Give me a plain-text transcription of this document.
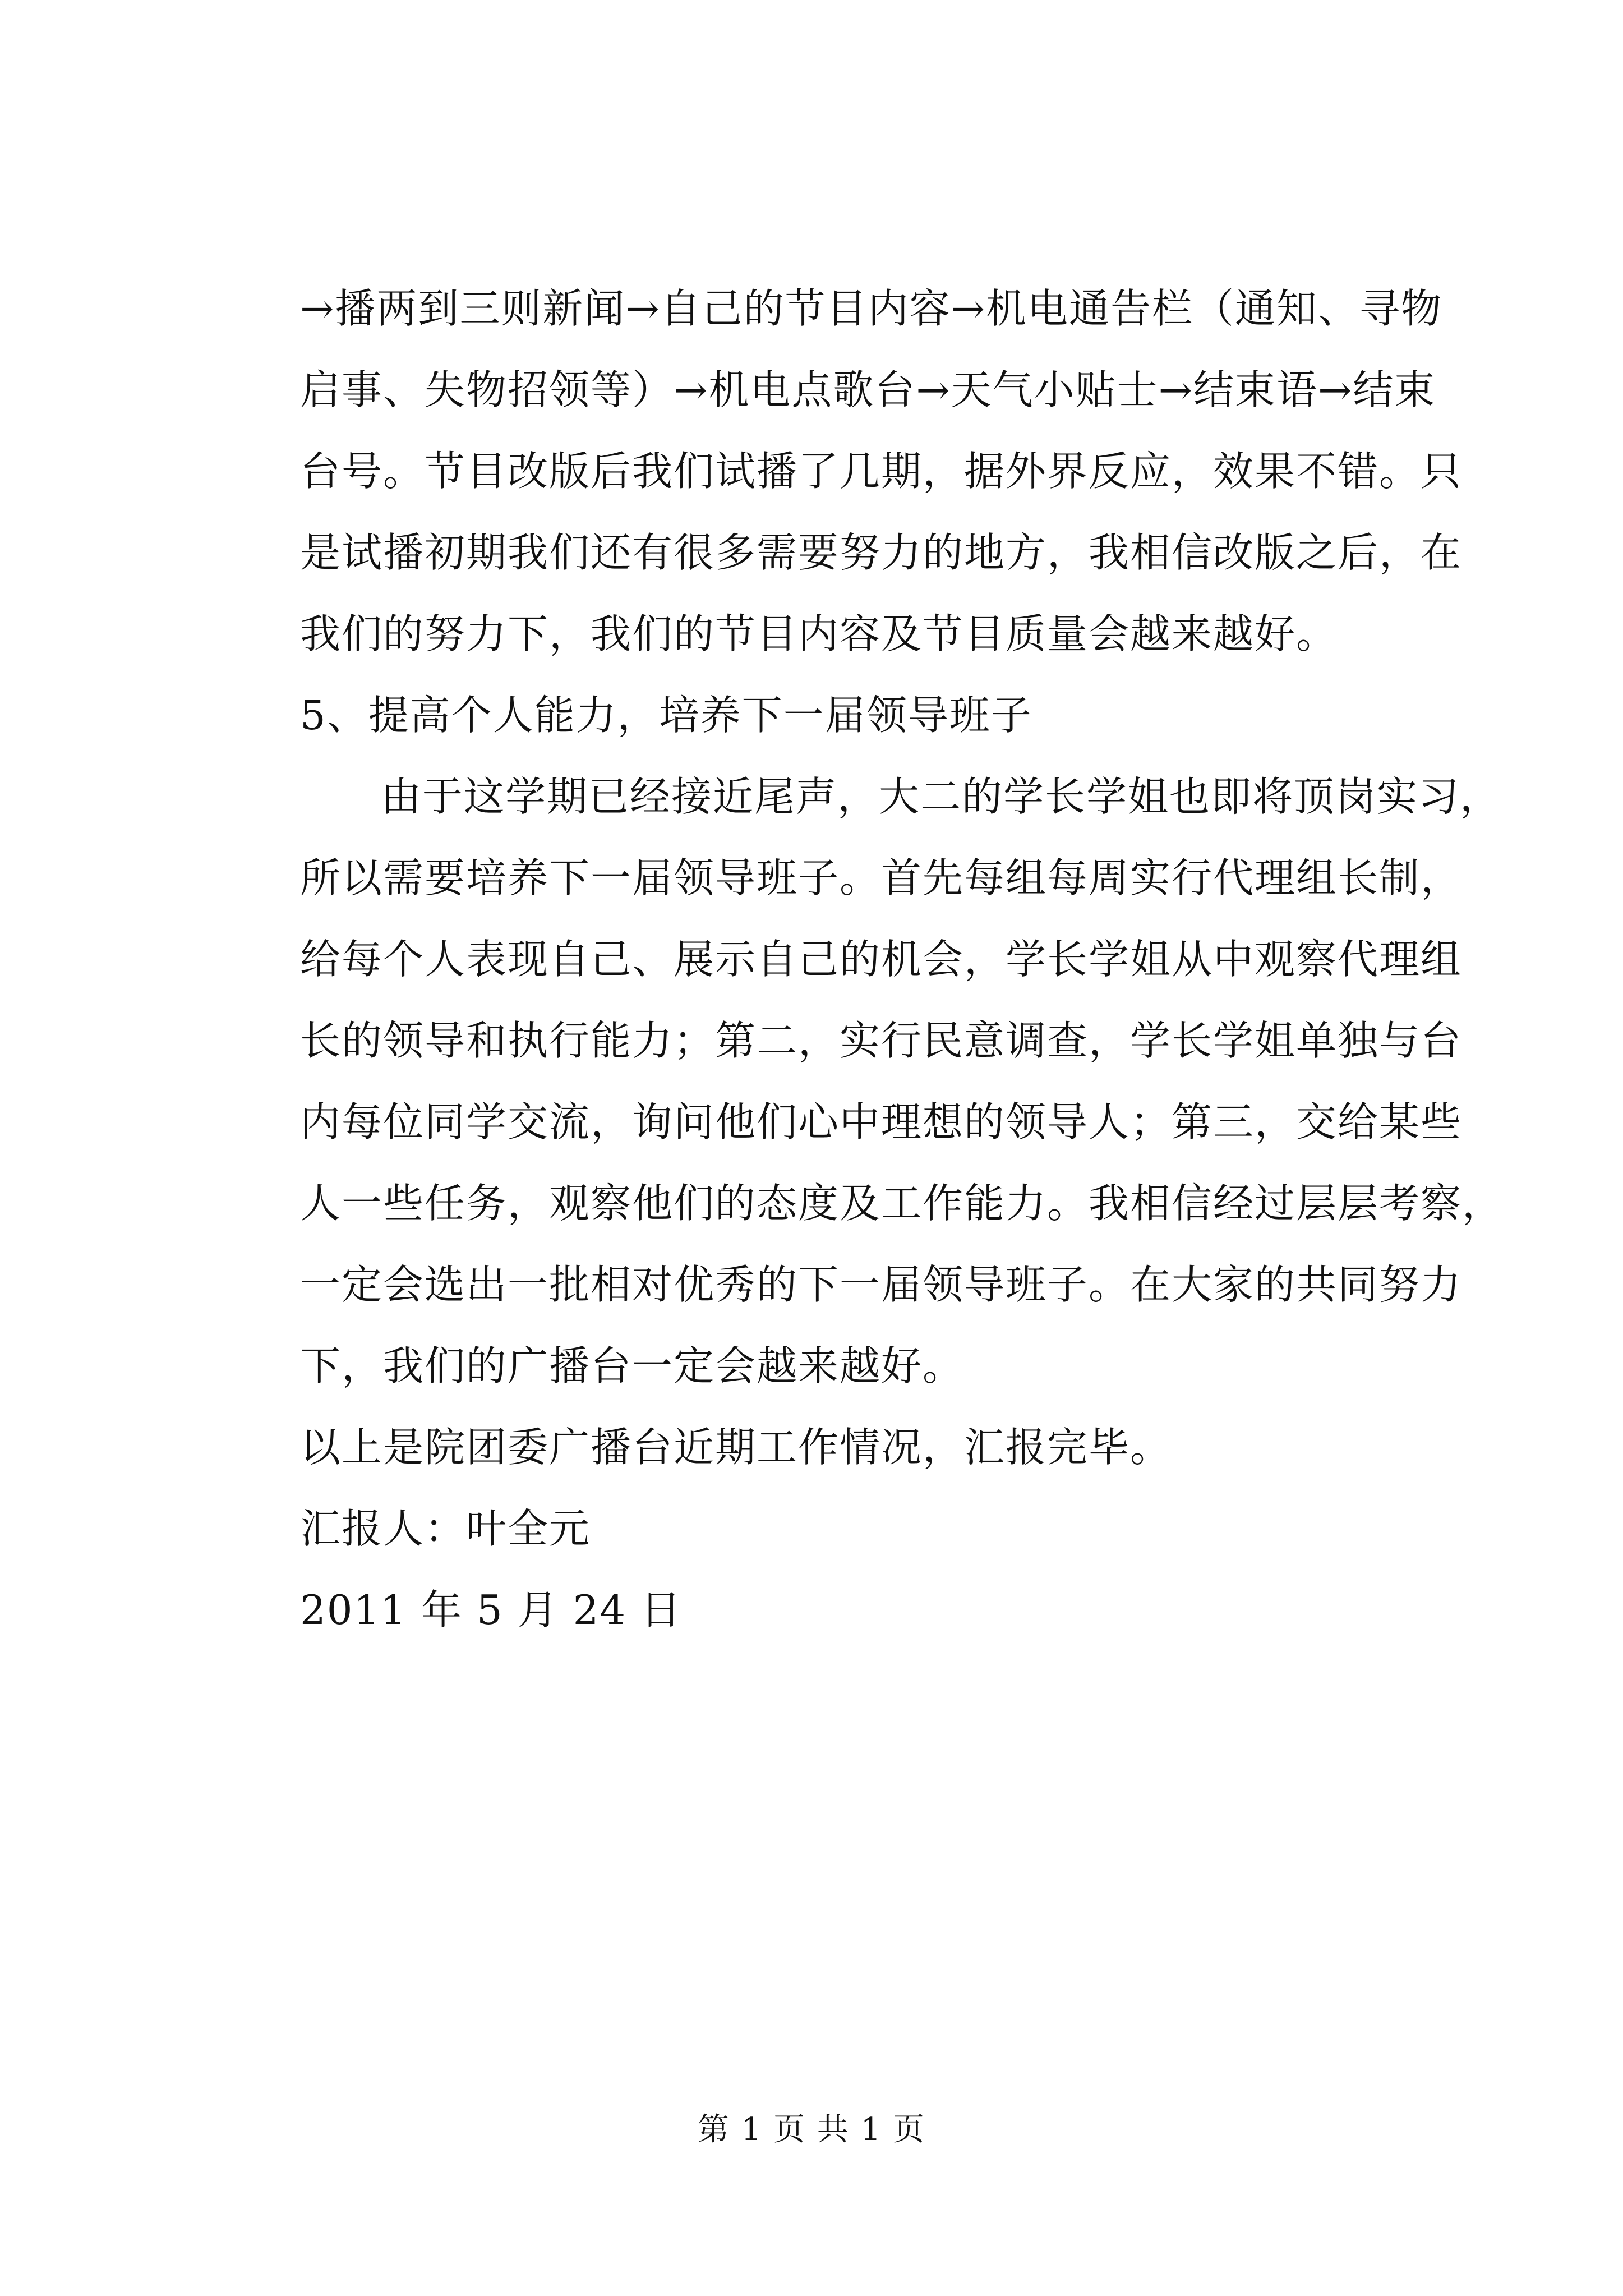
→播两到三则新闻→自己的节目内容→机电通告栏（通知、寻物
启事、失物招领等）→机电点歌台→天气小贴士→结束语→结束
台号。节目改版后我们试播了几期，据外界反应，效果不错。只
是试播初期我们还有很多需要努力的地方，我相信改版之后，在
我们的努力下，我们的节目内容及节目质量会越来越好。

5、提高个人能力，培养下一届领导班子

由于这学期已经接近尾声，大二的学长学姐也即将顶岗实习，
所以需要培养下一届领导班子。首先每组每周实行代理组长制，
给每个人表现自己、展示自己的机会，学长学姐从中观察代理组
长的领导和执行能力；第二，实行民意调查，学长学姐单独与台
内每位同学交流，询问他们心中理想的领导人；第三，交给某些
人一些任务，观察他们的态度及工作能力。我相信经过层层考察，
一定会选出一批相对优秀的下一届领导班子。在大家的共同努力
下，我们的广播台一定会越来越好。

以上是院团委广播台近期工作情况，汇报完毕。

汇报人：叶全元

2011 年 5 月 24 日

第 1 页 共 1 页
